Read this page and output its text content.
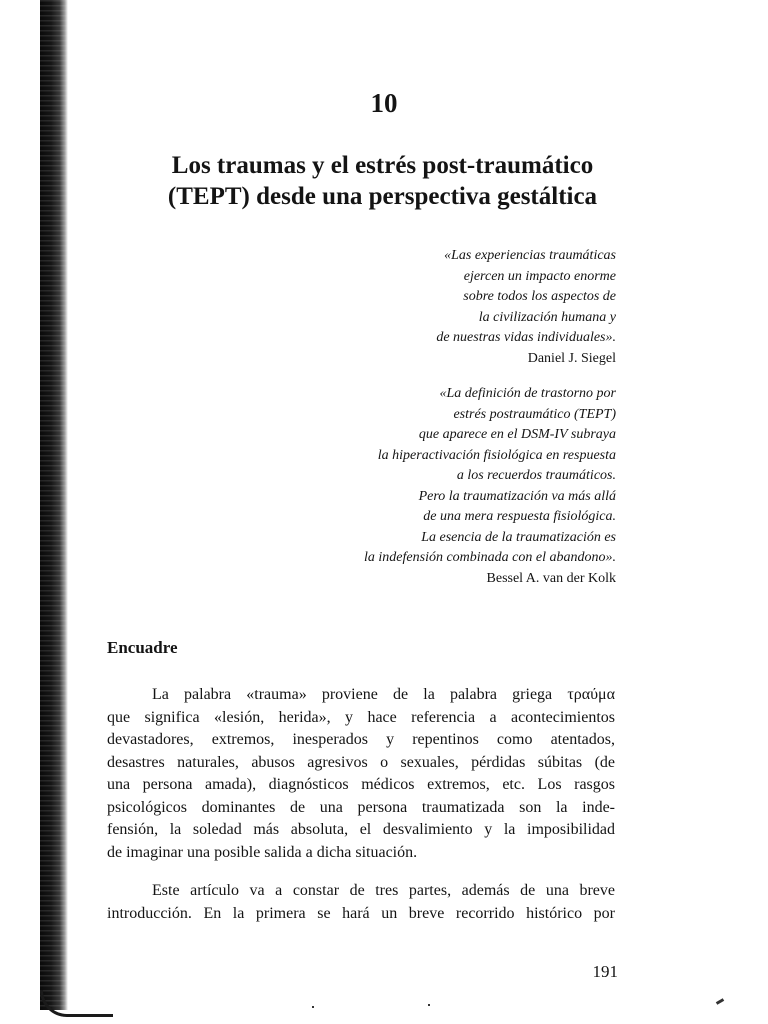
10
Los traumas y el estrés post-traumático
(TEPT) desde una perspectiva gestáltica
«Las experiencias traumáticas
ejercen un impacto enorme
sobre todos los aspectos de
la civilización humana y
de nuestras vidas individuales».
Daniel J. Siegel
«La definición de trastorno por
estrés postraumático (TEPT)
que aparece en el DSM-IV subraya
la hiperactivación fisiológica en respuesta
a los recuerdos traumáticos.
Pero la traumatización va más allá
de una mera respuesta fisiológica.
La esencia de la traumatización es
la indefensión combinada con el abandono».
Bessel A. van der Kolk
Encuadre
La palabra «trauma» proviene de la palabra griega τραύμα
que significa «lesión, herida», y hace referencia a acontecimientos
devastadores, extremos, inesperados y repentinos como atentados,
desastres naturales, abusos agresivos o sexuales, pérdidas súbitas (de
una persona amada), diagnósticos médicos extremos, etc. Los rasgos
psicológicos dominantes de una persona traumatizada son la inde-
fensión, la soledad más absoluta, el desvalimiento y la imposibilidad
de imaginar una posible salida a dicha situación.
Este artículo va a constar de tres partes, además de una breve
introducción. En la primera se hará un breve recorrido histórico por
191
